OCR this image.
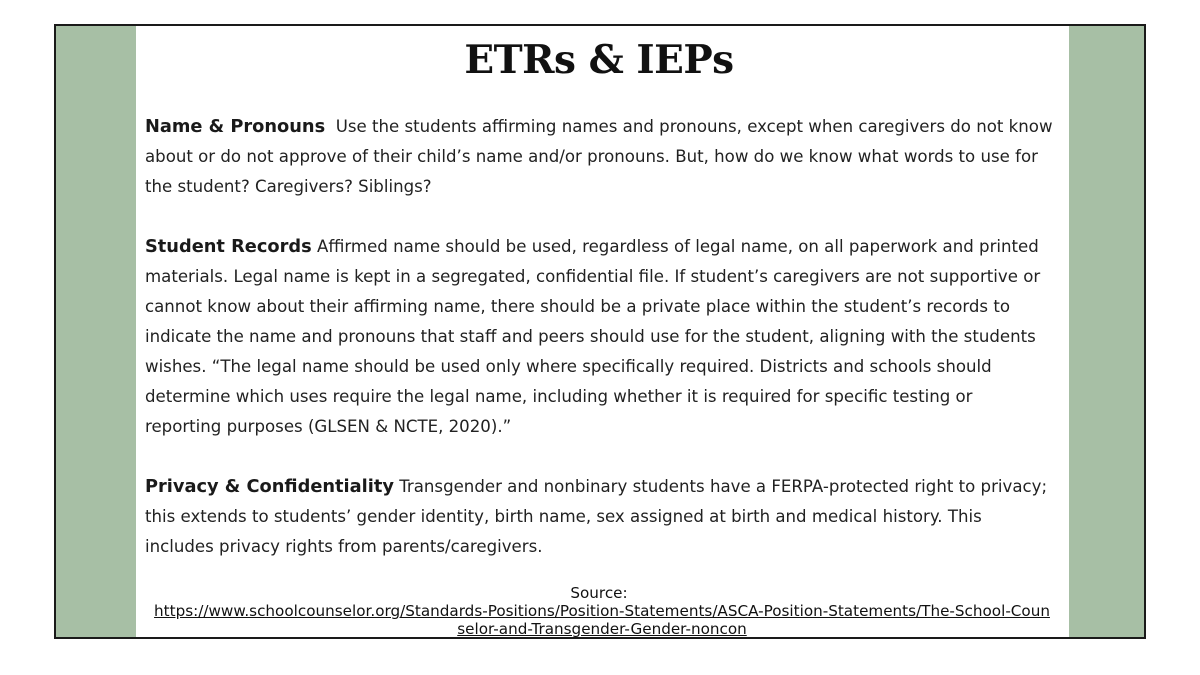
ETRs & IEPs

Name & Pronouns Use the students affirming names and pronouns, except when caregivers do not know about or do not approve of their child’s name and/or pronouns. But, how do we know what words to use for the student? Caregivers? Siblings?

Student Records Affirmed name should be used, regardless of legal name, on all paperwork and printed materials. Legal name is kept in a segregated, confidential file. If student’s caregivers are not supportive or cannot know about their affirming name, there should be a private place within the student’s records to indicate the name and pronouns that staff and peers should use for the student, aligning with the students wishes. “The legal name should be used only where specifically required. Districts and schools should determine which uses require the legal name, including whether it is required for specific testing or reporting purposes (GLSEN & NCTE, 2020).”

Privacy & Confidentiality Transgender and nonbinary students have a FERPA-protected right to privacy; this extends to students’ gender identity, birth name, sex assigned at birth and medical history. This includes privacy rights from parents/caregivers.

Source:
https://www.schoolcounselor.org/Standards-Positions/Position-Statements/ASCA-Position-Statements/The-School-Counselor-and-Transgender-Gender-noncon
